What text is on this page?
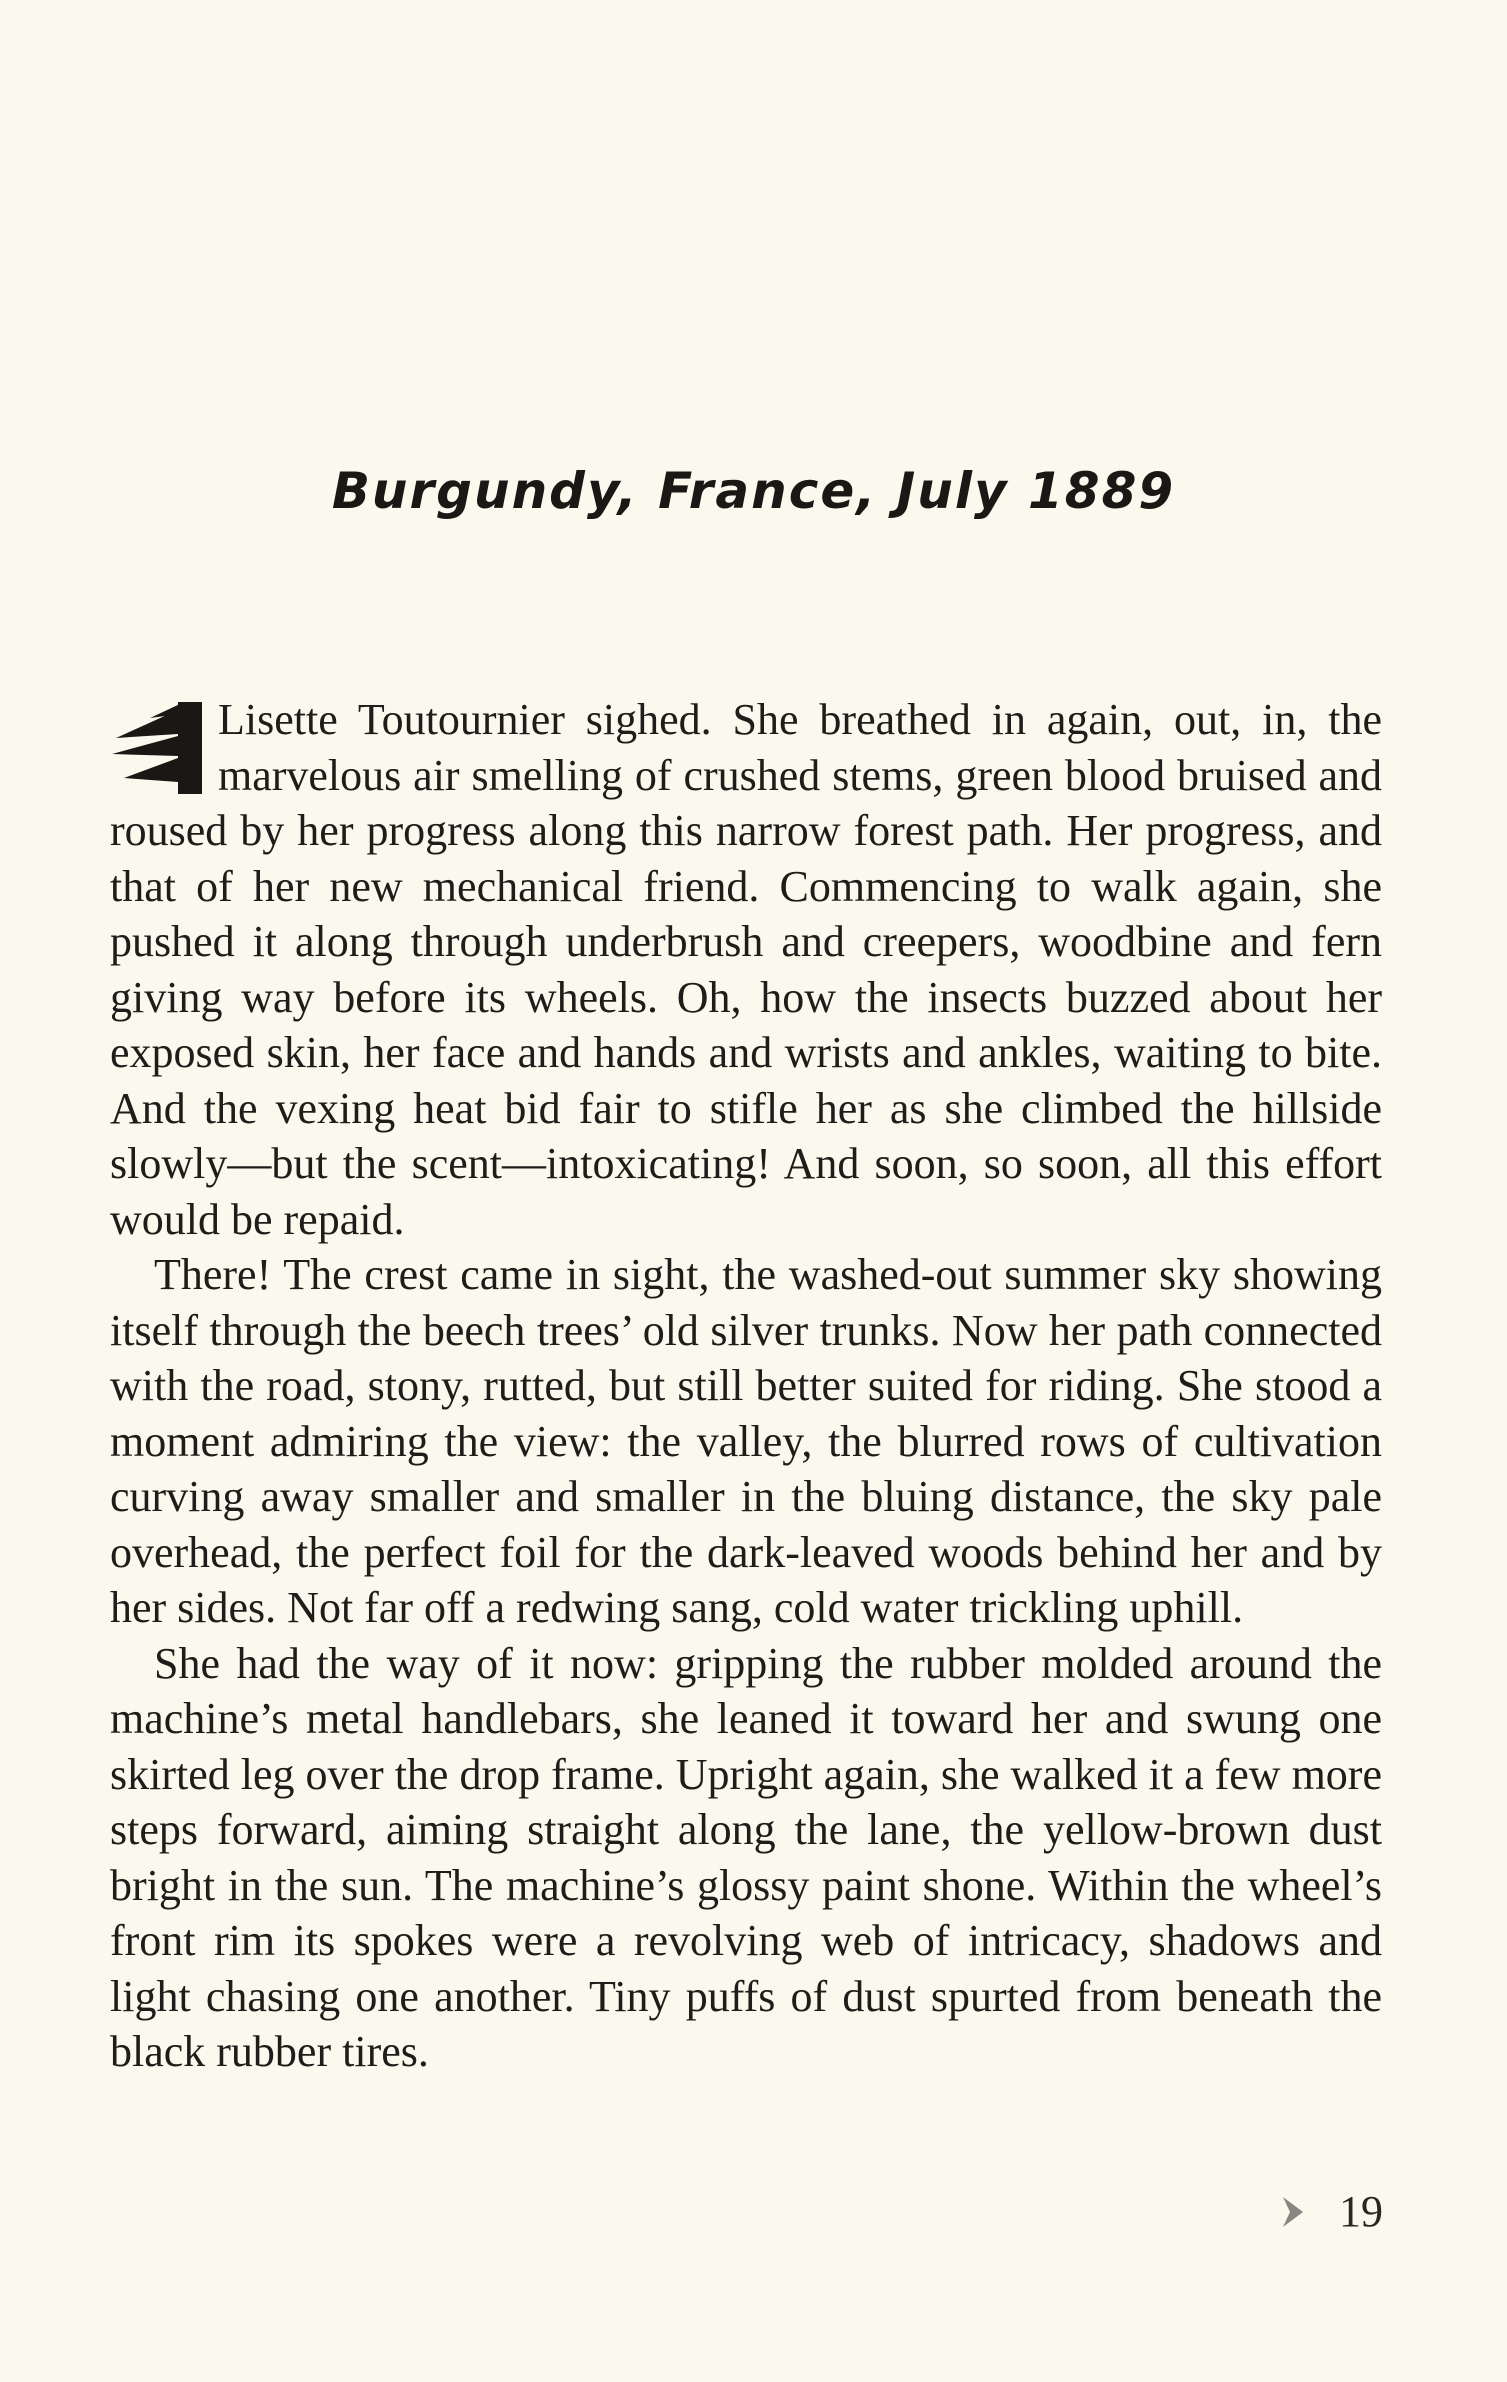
Burgundy, France, July 1889

Lisette Toutournier sighed. She breathed in again, out, in, the marvelous air smelling of crushed stems, green blood bruised and roused by her progress along this narrow forest path. Her progress, and that of her new mechanical friend. Commencing to walk again, she pushed it along through underbrush and creepers, woodbine and fern giving way before its wheels. Oh, how the insects buzzed about her exposed skin, her face and hands and wrists and ankles, waiting to bite. And the vexing heat bid fair to stifle her as she climbed the hillside slowly—but the scent—intoxicating! And soon, so soon, all this effort would be repaid.

There! The crest came in sight, the washed-out summer sky showing itself through the beech trees’ old silver trunks. Now her path connected with the road, stony, rutted, but still better suited for riding. She stood a moment admiring the view: the valley, the blurred rows of cultivation curving away smaller and smaller in the bluing distance, the sky pale overhead, the perfect foil for the dark-leaved woods behind her and by her sides. Not far off a redwing sang, cold water trickling uphill.

She had the way of it now: gripping the rubber molded around the machine’s metal handlebars, she leaned it toward her and swung one skirted leg over the drop frame. Upright again, she walked it a few more steps forward, aiming straight along the lane, the yellow-brown dust bright in the sun. The machine’s glossy paint shone. Within the wheel’s front rim its spokes were a revolving web of intricacy, shadows and light chasing one another. Tiny puffs of dust spurted from beneath the black rubber tires.

19
